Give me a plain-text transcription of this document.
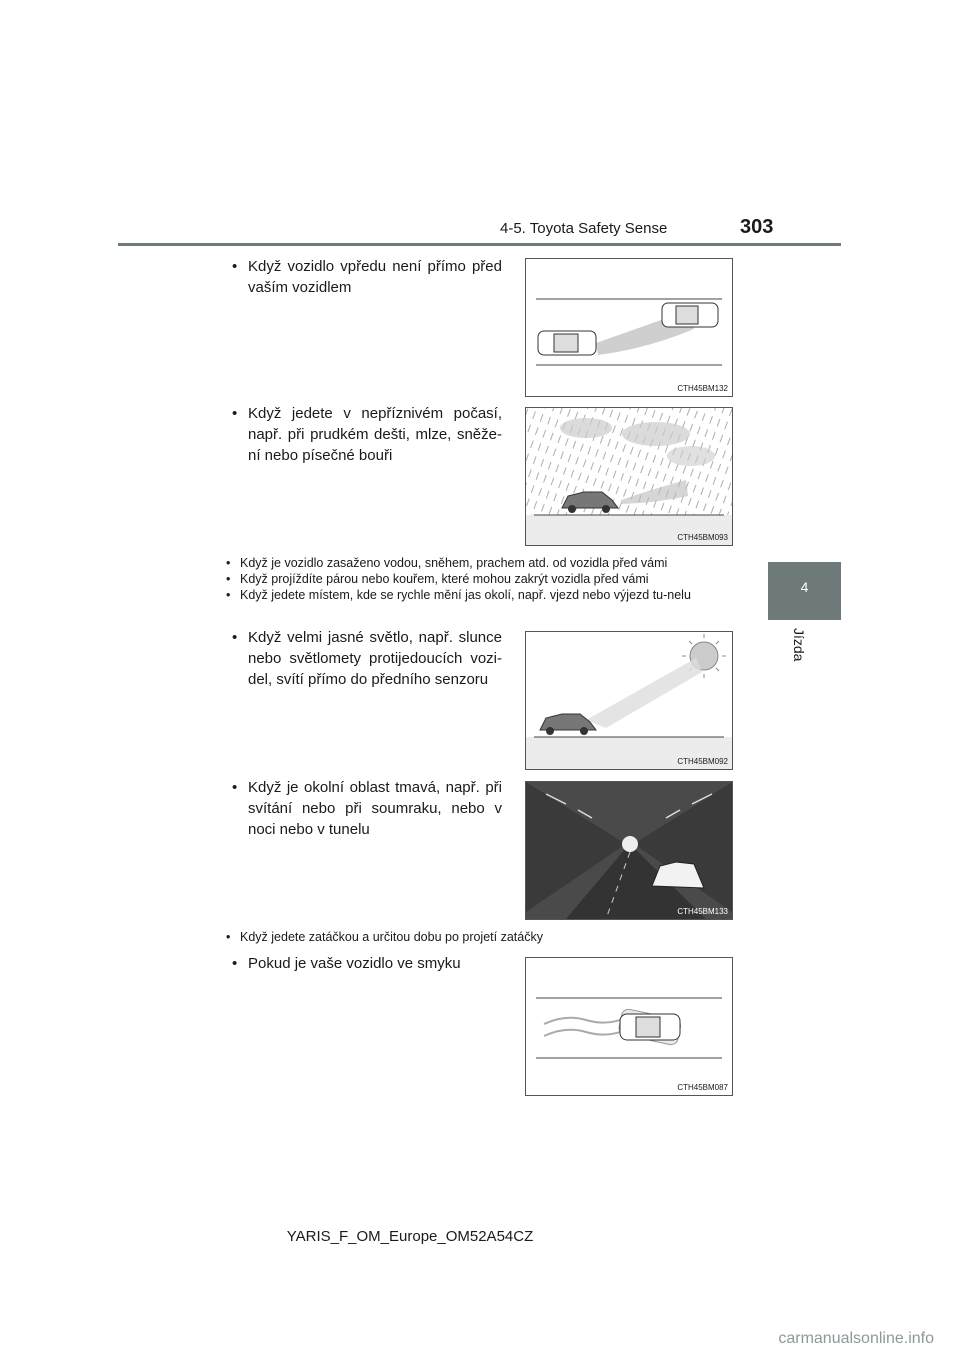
4-5. Toyota Safety Sense	303
4
Jízda
• Když vozidlo vpředu není přímo před vaším vozidlem
CTH45BM132
• Když jedete v nepříznivém počasí, např. při prudkém dešti, mlze, sněže-ní nebo písečné bouři
CTH45BM093
• Když je vozidlo zasaženo vodou, sněhem, prachem atd. od vozidla před vámi
• Když projíždíte párou nebo kouřem, které mohou zakrýt vozidla před vámi
• Když jedete místem, kde se rychle mění jas okolí, např. vjezd nebo výjezd tu-nelu
• Když velmi jasné světlo, např. slunce nebo světlomety protijedoucích vozi-del, svítí přímo do předního senzoru
CTH45BM092
• Když je okolní oblast tmavá, např. při svítání nebo při soumraku, nebo v noci nebo v tunelu
CTH45BM133
• Když jedete zatáčkou a určitou dobu po projetí zatáčky
• Pokud je vaše vozidlo ve smyku
CTH45BM087
YARIS_F_OM_Europe_OM52A54CZ
carmanualsonline.info
